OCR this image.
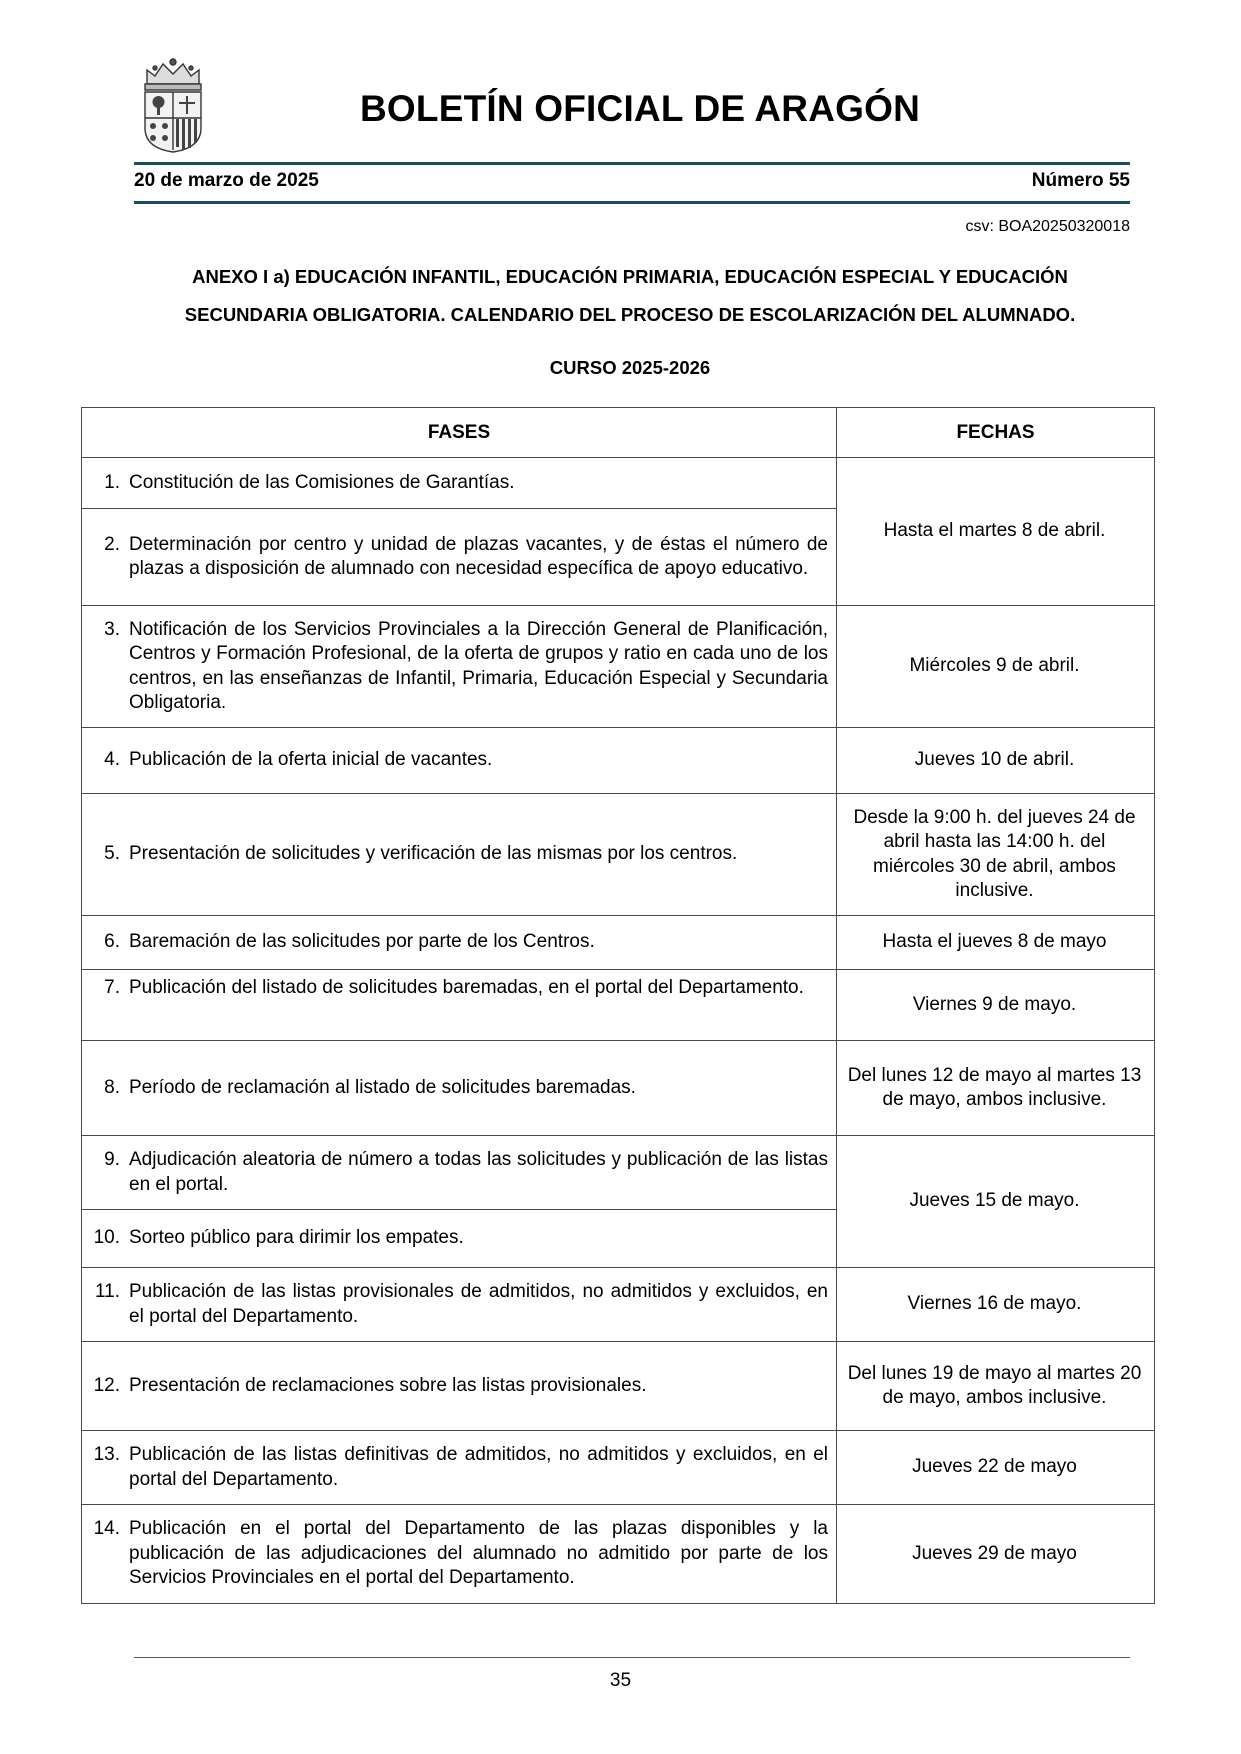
BOLETÍN OFICIAL DE ARAGÓN
20 de marzo de 2025	Número 55
csv: BOA20250320018
ANEXO I a) EDUCACIÓN INFANTIL, EDUCACIÓN PRIMARIA, EDUCACIÓN ESPECIAL Y EDUCACIÓN
SECUNDARIA OBLIGATORIA. CALENDARIO DEL PROCESO DE ESCOLARIZACIÓN DEL ALUMNADO.
CURSO 2025-2026
FASES	FECHAS

1. Constitución de las Comisiones de Garantías.	Hasta el martes 8 de abril.

2. Determinación por centro y unidad de plazas vacantes, y de éstas el número de plazas a disposición de alumnado con necesidad específica de apoyo educativo.	

3. Notificación de los Servicios Provinciales a la Dirección General de Planificación, Centros y Formación Profesional, de la oferta de grupos y ratio en cada uno de los centros, en las enseñanzas de Infantil, Primaria, Educación Especial y Secundaria Obligatoria.	Miércoles 9 de abril.

4. Publicación de la oferta inicial de vacantes.	Jueves 10 de abril.

5. Presentación de solicitudes y verificación de las mismas por los centros.	Desde la 9:00 h. del jueves 24 de abril hasta las 14:00 h. del miércoles 30 de abril, ambos inclusive.

6. Baremación de las solicitudes por parte de los Centros.	Hasta el jueves 8 de mayo

7. Publicación del listado de solicitudes baremadas, en el portal del Departamento.	Viernes 9 de mayo.

8. Período de reclamación al listado de solicitudes baremadas.	Del lunes 12 de mayo al martes 13 de mayo, ambos inclusive.

9. Adjudicación aleatoria de número a todas las solicitudes y publicación de las listas en el portal.	Jueves 15 de mayo.

10. Sorteo público para dirimir los empates.	

11. Publicación de las listas provisionales de admitidos, no admitidos y excluidos, en el portal del Departamento.	Viernes 16 de mayo.

12. Presentación de reclamaciones sobre las listas provisionales.	Del lunes 19 de mayo al martes 20 de mayo, ambos inclusive.

13. Publicación de las listas definitivas de admitidos, no admitidos y excluidos, en el portal del Departamento.	Jueves 22 de mayo

14. Publicación en el portal del Departamento de las plazas disponibles y la publicación de las adjudicaciones del alumnado no admitido por parte de los Servicios Provinciales en el portal del Departamento.	Jueves 29 de mayo
35
